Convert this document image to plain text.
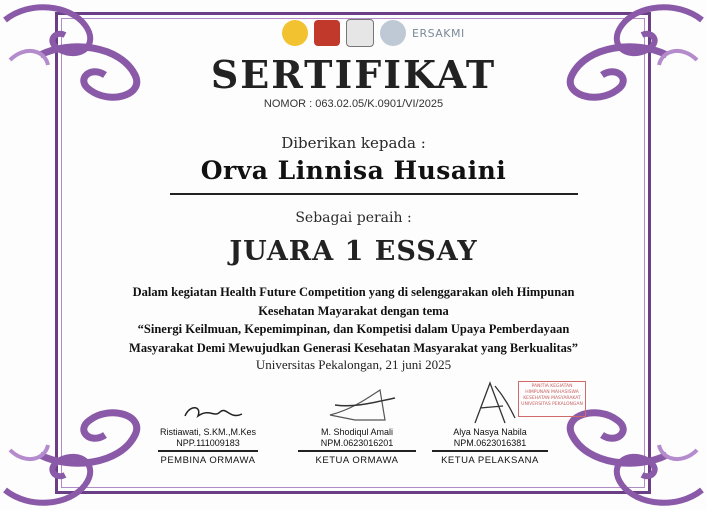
ERSAKMI
SERTIFIKAT
NOMOR : 063.02.05/K.0901/VI/2025
Diberikan kepada :
Orva Linnisa Husaini
Sebagai peraih :
JUARA 1 ESSAY
Dalam kegiatan Health Future Competition yang di selenggarakan oleh Himpunan
Kesehatan Mayarakat dengan tema
“Sinergi Keilmuan, Kepemimpinan, dan Kompetisi dalam Upaya Pemberdayaan
Masyarakat Demi Mewujudkan Generasi Kesehatan Masyarakat yang Berkualitas”
Universitas Pekalongan, 21 juni 2025
PANITIA KEGIATAN
HIMPUNAN MAHASISWA
KESEHATAN MASYARAKAT
UNIVERSITAS PEKALONGAN
Ristiawati, S.KM.,M.Kes
NPP.111009183
PEMBINA ORMAWA
M. Shodiqul Amali
NPM.0623016201
KETUA ORMAWA
Alya Nasya Nabila
NPM.0623016381
KETUA PELAKSANA
